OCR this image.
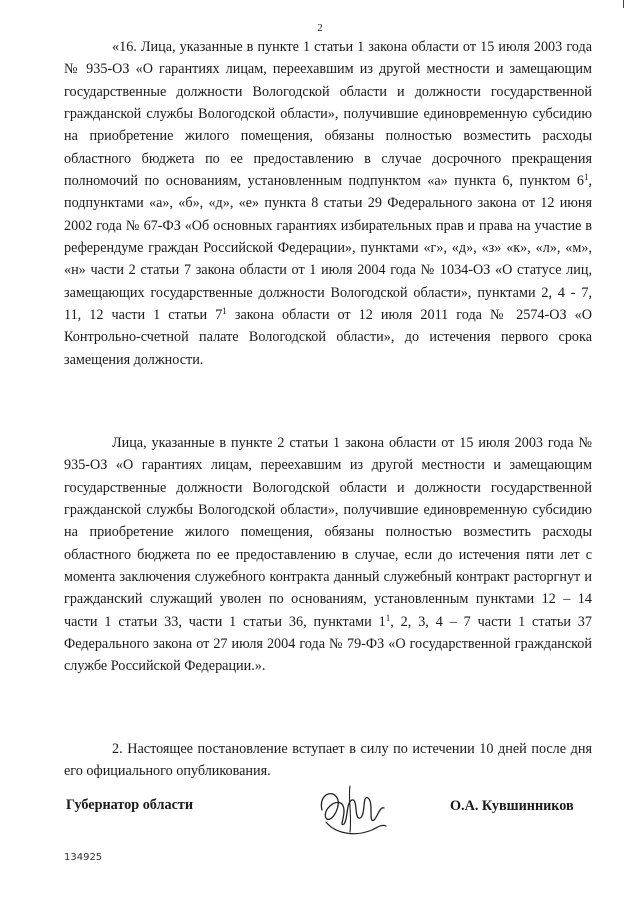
2

«16. Лица, указанные в пункте 1 статьи 1 закона области от 15 июля 2003 года № 935-ОЗ «О гарантиях лицам, переехавшим из другой местности и замещающим государственные должности Вологодской области и должности государственной гражданской службы Вологодской области», получившие единовременную субсидию на приобретение жилого помещения, обязаны полностью возместить расходы областного бюджета по ее предоставлению в случае досрочного прекращения полномочий по основаниям, установленным подпунктом «а» пункта 6, пунктом $6^1$, подпунктами «а», «б», «д», «е» пункта 8 статьи 29 Федерального закона от 12 июня 2002 года № 67-ФЗ «Об основных гарантиях избирательных прав и права на участие в референдуме граждан Российской Федерации», пунктами «г», «д», «з» «к», «л», «м», «н» части 2 статьи 7 закона области от 1 июля 2004 года № 1034-ОЗ «О статусе лиц, замещающих государственные должности Вологодской области», пунктами 2, 4 - 7, 11, 12 части 1 статьи $7^1$ закона области от 12 июля 2011 года № 2574-ОЗ «О Контрольно-счетной палате Вологодской области», до истечения первого срока замещения должности.

Лица, указанные в пункте 2 статьи 1 закона области от 15 июля 2003 года № 935-ОЗ «О гарантиях лицам, переехавшим из другой местности и замещающим государственные должности Вологодской области и должности государственной гражданской службы Вологодской области», получившие единовременную субсидию на приобретение жилого помещения, обязаны полностью возместить расходы областного бюджета по ее предоставлению в случае, если до истечения пяти лет с момента заключения служебного контракта данный служебный контракт расторгнут и гражданский служащий уволен по основаниям, установленным пунктами 12 – 14 части 1 статьи 33, части 1 статьи 36, пунктами $1^1$, 2, 3, 4 – 7 части 1 статьи 37 Федерального закона от 27 июля 2004 года № 79-ФЗ «О государственной гражданской службе Российской Федерации.».

2. Настоящее постановление вступает в силу по истечении 10 дней после дня его официального опубликования.

Губернатор области	О.А. Кувшинников
134925
